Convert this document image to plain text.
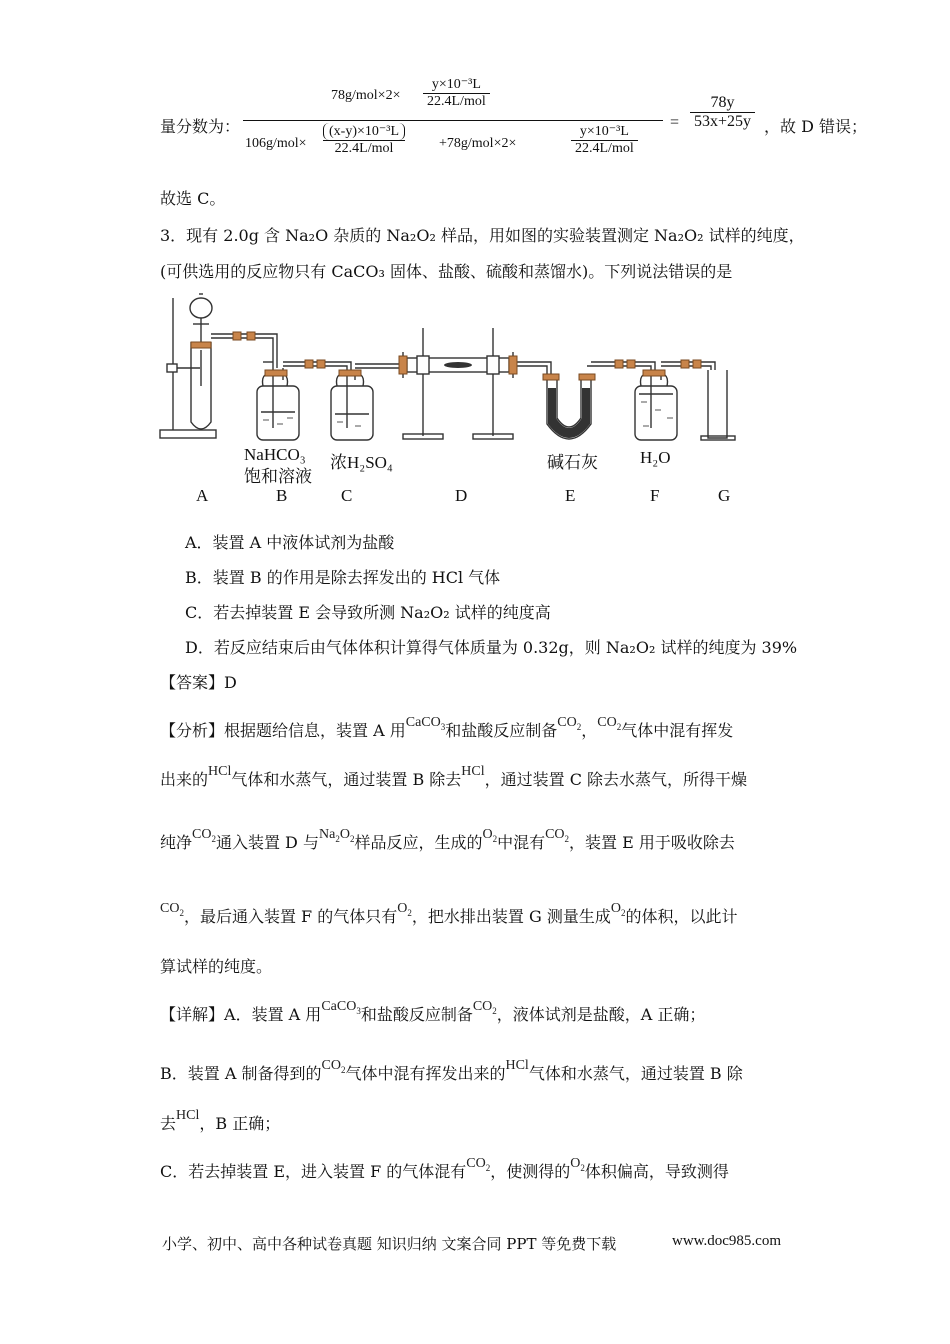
量分数为：
78g/mol×2×
y×10⁻³L
22.4L/mol
106g/mol×
(x-y)×10⁻³L
22.4L/mol	+78g/mol×2×
y×10⁻³L
22.4L/mol
=
78y
53x+25y ，故 D 错误；
故选 C。
3．现有 2.0g 含 Na₂O 杂质的 Na₂O₂ 样品，用如图的实验装置测定 Na₂O₂ 试样的纯度，
(可供选用的反应物只有 CaCO₃ 固体、盐酸、硫酸和蒸馏水)。下列说法错误的是
NaHCO₃
饱和溶液
浓H₂SO₄	碱石灰 H₂O
A	B	C	D	E	F	G
A．装置 A 中液体试剂为盐酸
B．装置 B 的作用是除去挥发出的 HCl 气体
C．若去掉装置 E 会导致所测 Na₂O₂ 试样的纯度高
D．若反应结束后由气体体积计算得气体质量为 0.32g，则 Na₂O₂ 试样的纯度为 39%
【答案】D
【分析】根据题给信息，装置 A 用CaCO$_3$和盐酸反应制备$CO_2$，$CO_2$气体中混有挥发
出来的HCl气体和水蒸气，通过装置 B 除去HCl，通过装置 C 除去水蒸气，所得干燥
纯净$CO_2$通入装置 D 与$Na_2O_2$样品反应，生成的$O_2$中混有$CO_2$，装置 E 用于吸收除去
$CO_2$，最后通入装置 F 的气体只有$O_2$，把水排出装置 G 测量生成$O_2$的体积，以此计
算试样的纯度。
【详解】A．装置 A 用CaCO$_3$和盐酸反应制备$CO_2$，液体试剂是盐酸，A 正确；
B．装置 A 制备得到的$CO_2$气体中混有挥发出来的HCl气体和水蒸气，通过装置 B 除
去HCl，B 正确；
C．若去掉装置 E，进入装置 F 的气体混有$CO_2$，使测得的$O_2$体积偏高，导致测得
小学、初中、高中各种试卷真题 知识归纳 文案合同 PPT 等免费下载	www.doc985.com
